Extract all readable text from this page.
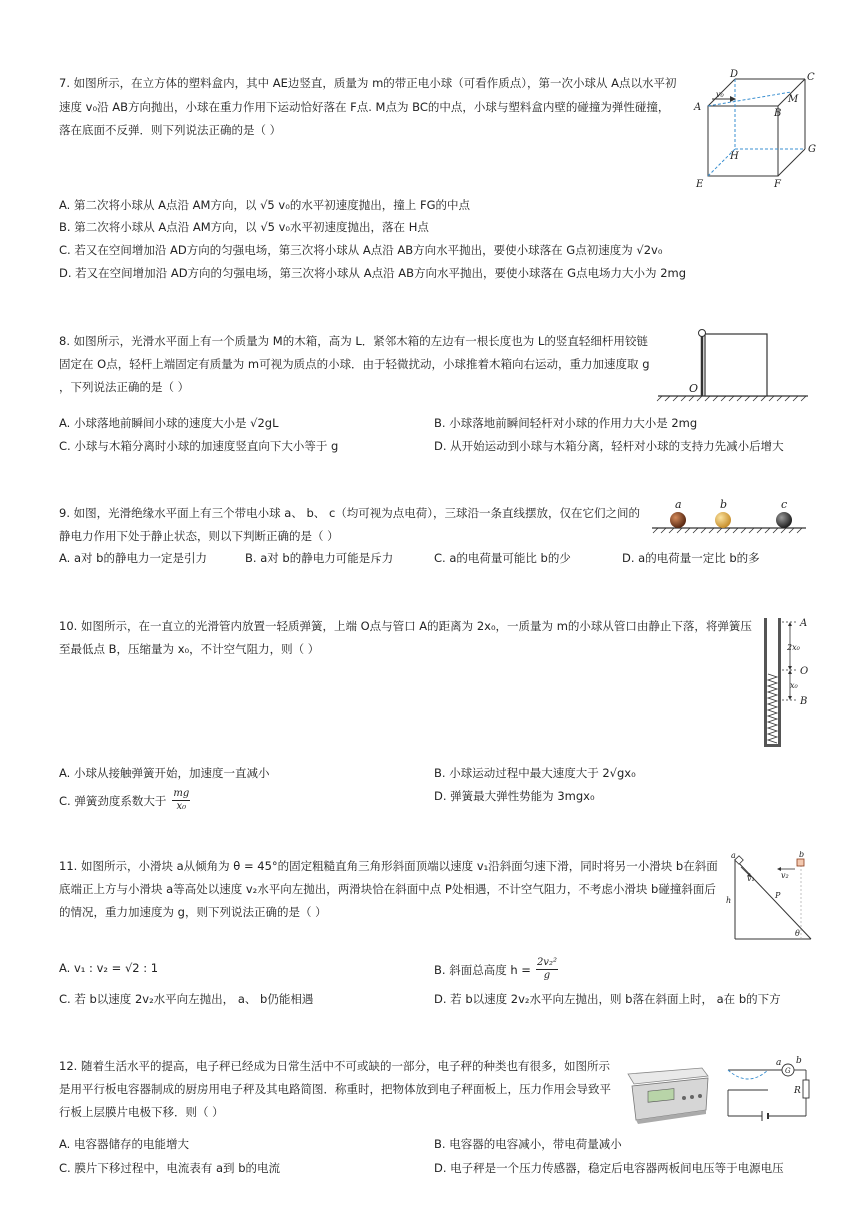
7. 如图所示，在立方体的塑料盒内，其中 AE边竖直，质量为 m的带正电小球（可看作质点），第一次小球从 A点以水平初
速度 v₀沿 AB方向抛出，小球在重力作用下运动恰好落在 F点. M点为 BC的中点，小球与塑料盒内壁的碰撞为弹性碰撞，
落在底面不反弹．则下列说法正确的是（ ）
D	C
A
v₀	M
B
H
G
E	F
A. 第二次将小球从 A点沿 AM方向，以 √5 v₀的水平初速度抛出，撞上 FG的中点
B. 第二次将小球从 A点沿 AM方向，以 √5 v₀水平初速度抛出，落在 H点
C. 若又在空间增加沿 AD方向的匀强电场，第三次将小球从 A点沿 AB方向水平抛出，要使小球落在 G点初速度为 √2v₀
D. 若又在空间增加沿 AD方向的匀强电场，第三次将小球从 A点沿 AB方向水平抛出，要使小球落在 G点电场力大小为 2mg
8. 如图所示，光滑水平面上有一个质量为 M的木箱，高为 L．紧邻木箱的左边有一根长度也为 L的竖直轻细杆用铰链
固定在 O点，轻杆上端固定有质量为 m可视为质点的小球．由于轻微扰动，小球推着木箱向右运动，重力加速度取 g
，下列说法正确的是（ ）	O
A. 小球落地前瞬间小球的速度大小是 √2gL	B. 小球落地前瞬间轻杆对小球的作用力大小是 2mg
C. 小球与木箱分离时小球的加速度竖直向下大小等于 g	D. 从开始运动到小球与木箱分离，轻杆对小球的支持力先减小后增大
9. 如图，光滑绝缘水平面上有三个带电小球 a、 b、 c（均可视为点电荷），三球沿一条直线摆放，仅在它们之间的
静电力作用下处于静止状态，则以下判断正确的是（ ）
a	b	c
A. a对 b的静电力一定是引力	B. a对 b的静电力可能是斥力	C. a的电荷量可能比 b的少	D. a的电荷量一定比 b的多
10. 如图所示，在一直立的光滑管内放置一轻质弹簧，上端 O点与管口 A的距离为 2x₀，一质量为 m的小球从管口由静止下落，将弹簧压
至最低点 B，压缩量为 x₀，不计空气阻力，则（ ）
A
2x₀
O
x₀
B
A. 小球从接触弹簧开始，加速度一直减小	B. 小球运动过程中最大速度大于 2√gx₀
C. 弹簧劲度系数大于 $\frac{mg}{\text{x₀}}$	D. 弹簧最大弹性势能为 3mgx₀
11. 如图所示，小滑块 a从倾角为 θ = 45°的固定粗糙直角三角形斜面顶端以速度 v₁沿斜面匀速下滑，同时将另一小滑块 b在斜面
底端正上方与小滑块 a等高处以速度 v₂水平向左抛出，两滑块恰在斜面中点 P处相遇，不计空气阻力，不考虑小滑块 b碰撞斜面后
的情况，重力加速度为 g，则下列说法正确的是（ ）
a	b
v₁	v₂
P
h
θ
A. v₁ : v₂ = √2 : 1	B. 斜面总高度 $h = \frac{\text{2v₂²}}{g}$
C. 若 b以速度 2v₂水平向左抛出， a、 b仍能相遇	D. 若 b以速度 2v₂水平向左抛出，则 b落在斜面上时， a在 b的下方
12. 随着生活水平的提高，电子秤已经成为日常生活中不可或缺的一部分，电子秤的种类也有很多，如图所示
是用平行板电容器制成的厨房用电子秤及其电路简图．称重时，把物体放到电子秤面板上，压力作用会导致平
行板上层膜片电极下移．则（ ）
a
G
b
R
A. 电容器储存的电能增大	B. 电容器的电容减小，带电荷量减小
C. 膜片下移过程中，电流表有 a到 b的电流	D. 电子秤是一个压力传感器，稳定后电容器两板间电压等于电源电压
